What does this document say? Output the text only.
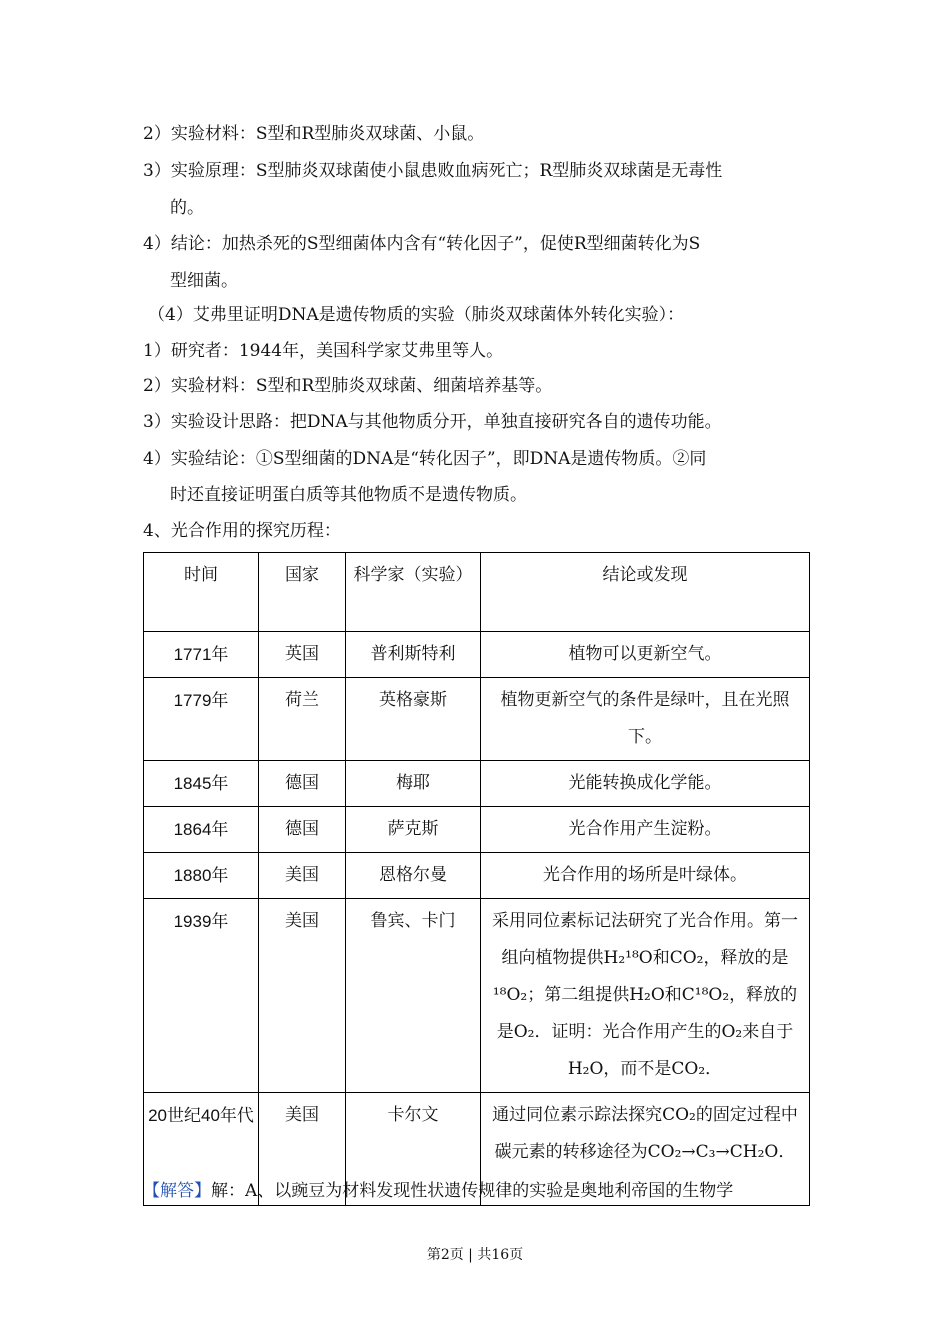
2）实验材料：S型和R型肺炎双球菌、小鼠。
3）实验原理：S型肺炎双球菌使小鼠患败血病死亡；R型肺炎双球菌是无毒性
的。
4）结论：加热杀死的S型细菌体内含有“转化因子”，促使R型细菌转化为S
型细菌。
（4）艾弗里证明DNA是遗传物质的实验（肺炎双球菌体外转化实验）：
1）研究者：1944年，美国科学家艾弗里等人。
2）实验材料：S型和R型肺炎双球菌、细菌培养基等。
3）实验设计思路：把DNA与其他物质分开，单独直接研究各自的遗传功能。
4）实验结论：①S型细菌的DNA是“转化因子”，即DNA是遗传物质。②同
时还直接证明蛋白质等其他物质不是遗传物质。
4、光合作用的探究历程：
时间	国家	科学家（实验）	结论或发现
1771年	英国	普利斯特利	植物可以更新空气。
1779年	荷兰	英格豪斯	植物更新空气的条件是绿叶，且在光照下。
1845年	德国	梅耶	光能转换成化学能。
1864年	德国	萨克斯	光合作用产生淀粉。
1880年	美国	恩格尔曼	光合作用的场所是叶绿体。
1939年	美国	鲁宾、卡门	采用同位素标记法研究了光合作用。第一组向植物提供H₂¹⁸O和CO₂，释放的是¹⁸O₂；第二组提供H₂O和C¹⁸O₂，释放的是O₂．证明：光合作用产生的O₂来自于H₂O，而不是CO₂．
20世纪40年代	美国	卡尔文	通过同位素示踪法探究CO₂的固定过程中碳元素的转移途径为CO₂→C₃→CH₂O．
【解答】解：A、以豌豆为材料发现性状遗传规律的实验是奥地利帝国的生物学
第2页 | 共16页
